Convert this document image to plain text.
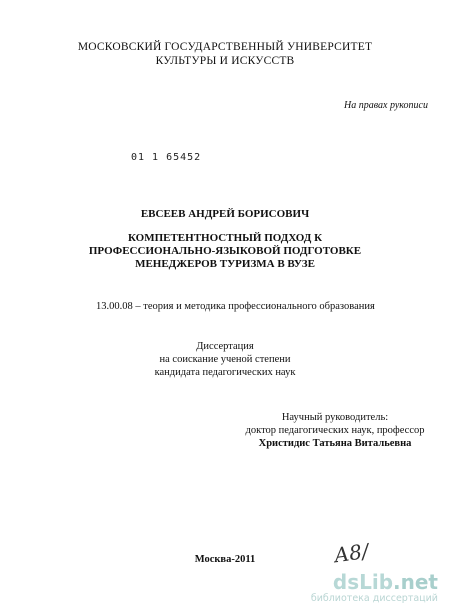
МОСКОВСКИЙ ГОСУДАРСТВЕННЫЙ УНИВЕРСИТЕТ
КУЛЬТУРЫ И ИСКУССТВ
На правах рукописи
01 1 65452
ЕВСЕЕВ АНДРЕЙ БОРИСОВИЧ
КОМПЕТЕНТНОСТНЫЙ ПОДХОД К
ПРОФЕССИОНАЛЬНО-ЯЗЫКОВОЙ ПОДГОТОВКЕ
МЕНЕДЖЕРОВ ТУРИЗМА В ВУЗЕ
13.00.08 – теория и методика профессионального образования
Диссертация
на соискание ученой степени
кандидата педагогических наук
Научный руководитель:
доктор педагогических наук, профессор
Христидис Татьяна Витальевна
А8/
Москва-2011
dsLib.net
библиотека диссертаций
